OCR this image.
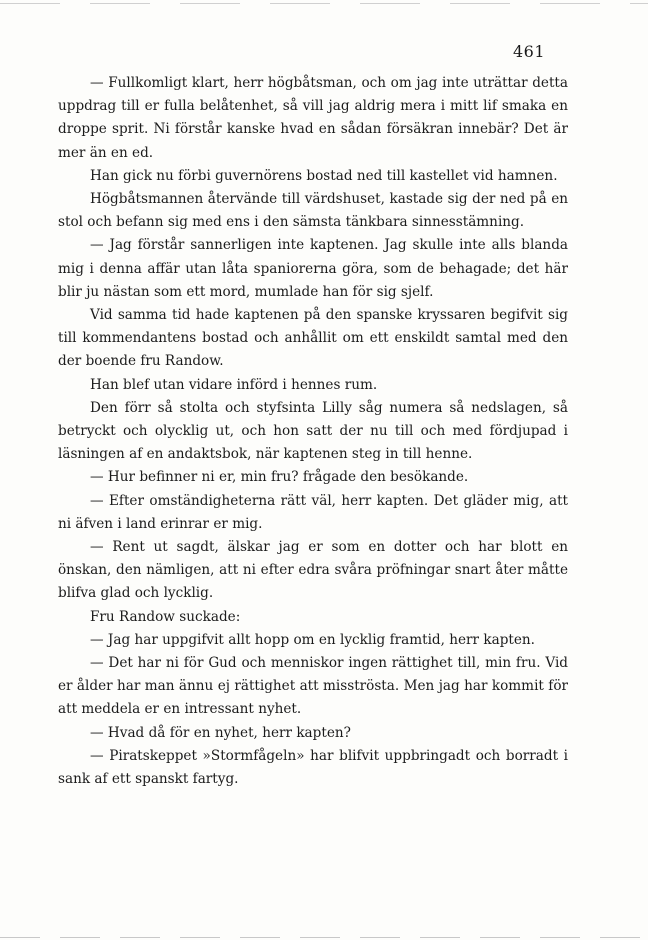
461

— Fullkomligt klart, herr högbåtsman, och om jag inte uträttar detta uppdrag till er fulla belåtenhet, så vill jag aldrig mera i mitt lif smaka en droppe sprit. Ni förstår kanske hvad en sådan försäkran innebär? Det är mer än en ed.

Han gick nu förbi guvernörens bostad ned till kastellet vid hamnen.

Högbåtsmannen återvände till värdshuset, kastade sig der ned på en stol och befann sig med ens i den sämsta tänkbara sinnesstämning.

— Jag förstår sannerligen inte kaptenen. Jag skulle inte alls blanda mig i denna affär utan låta spaniorerna göra, som de behagade; det här blir ju nästan som ett mord, mumlade han för sig sjelf.

Vid samma tid hade kaptenen på den spanske kryssaren begifvit sig till kommendantens bostad och anhållit om ett enskildt samtal med den der boende fru Randow.

Han blef utan vidare införd i hennes rum.

Den förr så stolta och styfsinta Lilly såg numera så nedslagen, så betryckt och olycklig ut, och hon satt der nu till och med fördjupad i läsningen af en andaktsbok, när kaptenen steg in till henne.

— Hur befinner ni er, min fru? frågade den besökande.

— Efter omständigheterna rätt väl, herr kapten. Det gläder mig, att ni äfven i land erinrar er mig.

— Rent ut sagdt, älskar jag er som en dotter och har blott en önskan, den nämligen, att ni efter edra svåra pröfningar snart åter måtte blifva glad och lycklig.

Fru Randow suckade:

— Jag har uppgifvit allt hopp om en lycklig framtid, herr kapten.

— Det har ni för Gud och menniskor ingen rättighet till, min fru. Vid er ålder har man ännu ej rättighet att misströsta. Men jag har kommit för att meddela er en intressant nyhet.

— Hvad då för en nyhet, herr kapten?

— Piratskeppet »Stormfågeln» har blifvit uppbringadt och borradt i sank af ett spanskt fartyg.
